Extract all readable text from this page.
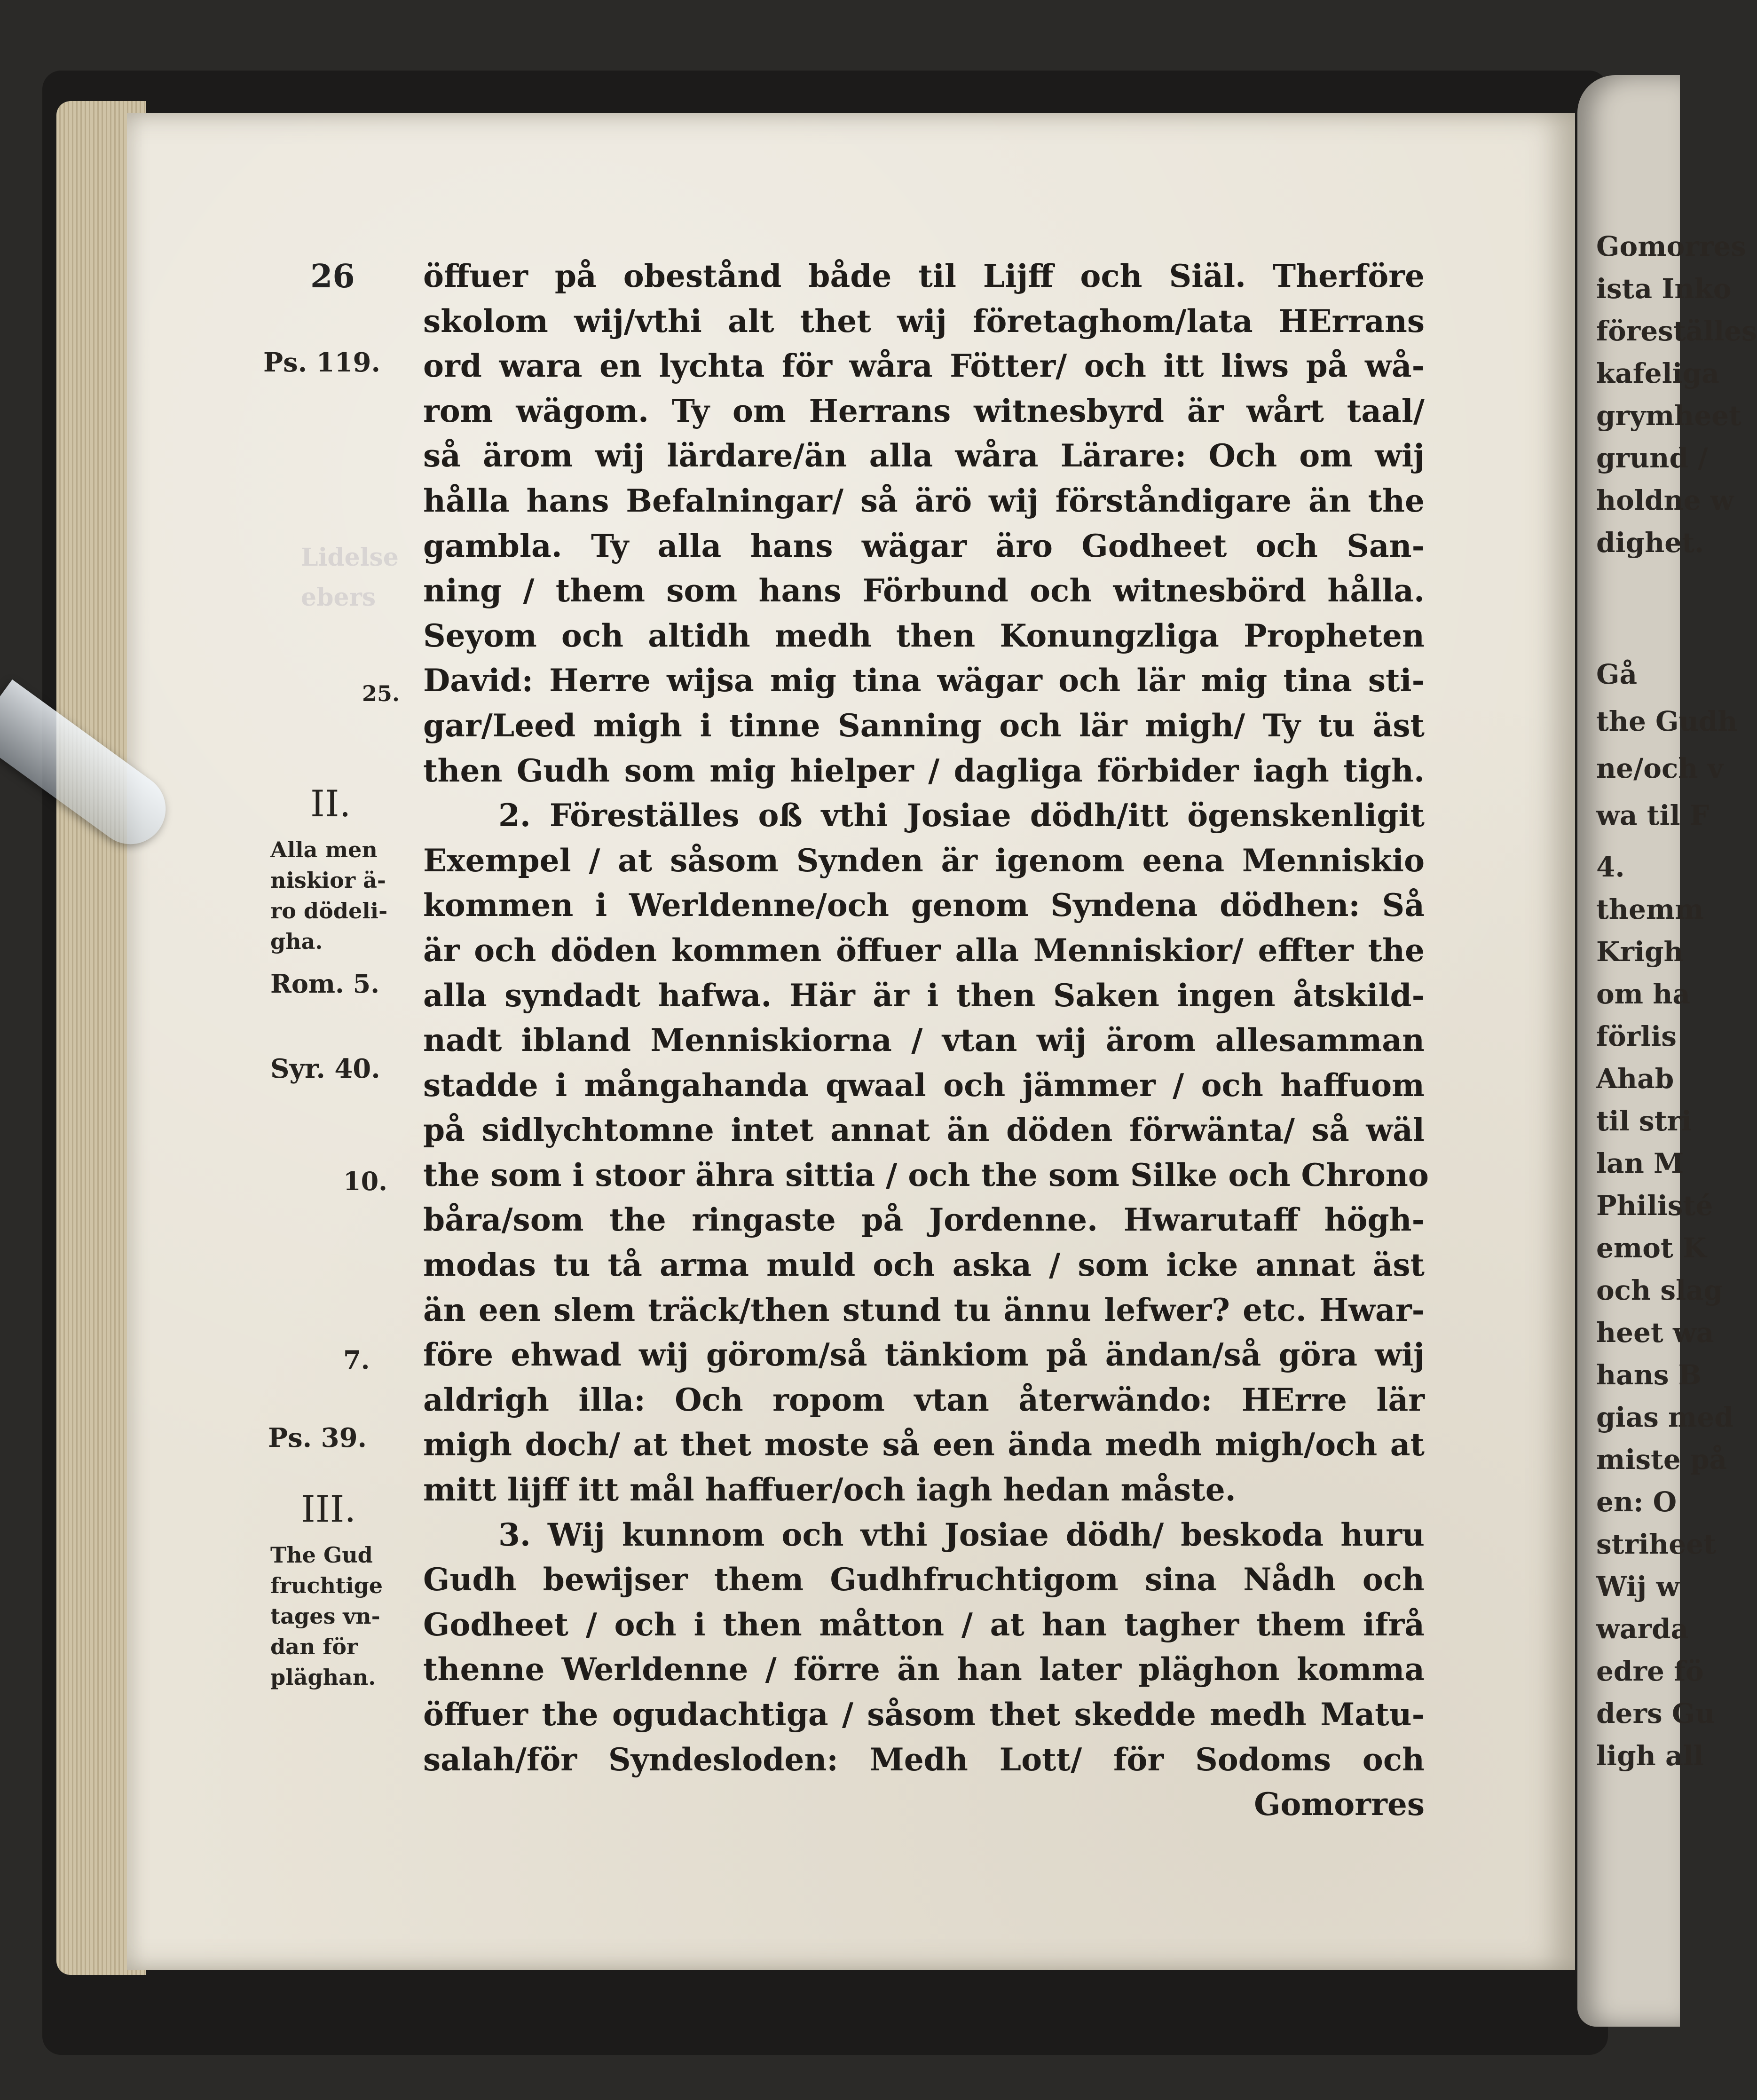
Lidelse
ebers
26
Ps. 119.
25.
II.
Alla men
niskior ä-
ro dödeli-
gha.
Rom. 5.
Syr. 40.
10.
7.
Ps. 39.
III.
The Gud
fruchtige
tages vn-
dan för
pläghan.
öffuer på obestånd både til Lijff och Siäl. Therföre
skolom wij/vthi alt thet wij företaghom/lata HErrans
ord wara en lychta för wåra Fötter/ och itt liws på wå-
rom wägom. Ty om Herrans witnesbyrd är wårt taal/
så ärom wij lärdare/än alla wåra Lärare: Och om wij
hålla hans Befalningar/ så ärö wij förståndigare än the
gambla. Ty alla hans wägar äro Godheet och San-
ning / them som hans Förbund och witnesbörd hålla.
Seyom och altidh medh then Konungzliga Propheten
David: Herre wijsa mig tina wägar och lär mig tina sti-
gar/Leed migh i tinne Sanning och lär migh/ Ty tu äst
then Gudh som mig hielper / dagliga förbider iagh tigh.
2. Föreställes oß vthi Josiae dödh/itt ögenskenligit
Exempel / at såsom Synden är igenom eena Menniskio
kommen i Werldenne/och genom Syndena dödhen: Så
är och döden kommen öffuer alla Menniskior/ effter the
alla syndadt hafwa. Här är i then Saken ingen åtskild-
nadt ibland Menniskiorna / vtan wij ärom allesamman
stadde i mångahanda qwaal och jämmer / och haffuom
på sidlychtomne intet annat än döden förwänta/ så wäl
the som i stoor ähra sittia / och the som Silke och Chrono
båra/som the ringaste på Jordenne. Hwarutaff högh-
modas tu tå arma muld och aska / som icke annat äst
än een slem träck/then stund tu ännu lefwer? etc. Hwar-
före ehwad wij görom/så tänkiom på ändan/så göra wij
aldrigh illa: Och ropom vtan återwändo: HErre lär
migh doch/ at thet moste så een ända medh migh/och at
mitt lijff itt mål haffuer/och iagh hedan måste.
3. Wij kunnom och vthi Josiae dödh/ beskoda huru
Gudh bewijser them Gudhfruchtigom sina Nådh och
Godheet / och i then måtton / at han tagher them ifrå
thenne Werldenne / förre än han later pläghon komma
öffuer the ogudachtiga / såsom thet skedde medh Matu-
salah/för Syndesloden: Medh Lott/ för Sodoms och
Gomorres
Gomorres
ista Inko
föreställes
kafeliga
grymheet
grund /
holdne w
dighet.
Gå
the Gudh
ne/och v
wa til F
4.
themm
Krigh
om ha
förlis
Ahab
til stri
lan M
Philisté
emot K
och slag
heet wa
hans B
gias med
miste på
en: O
striheet
Wij w
warda
edre fö
ders Gu
ligh all
